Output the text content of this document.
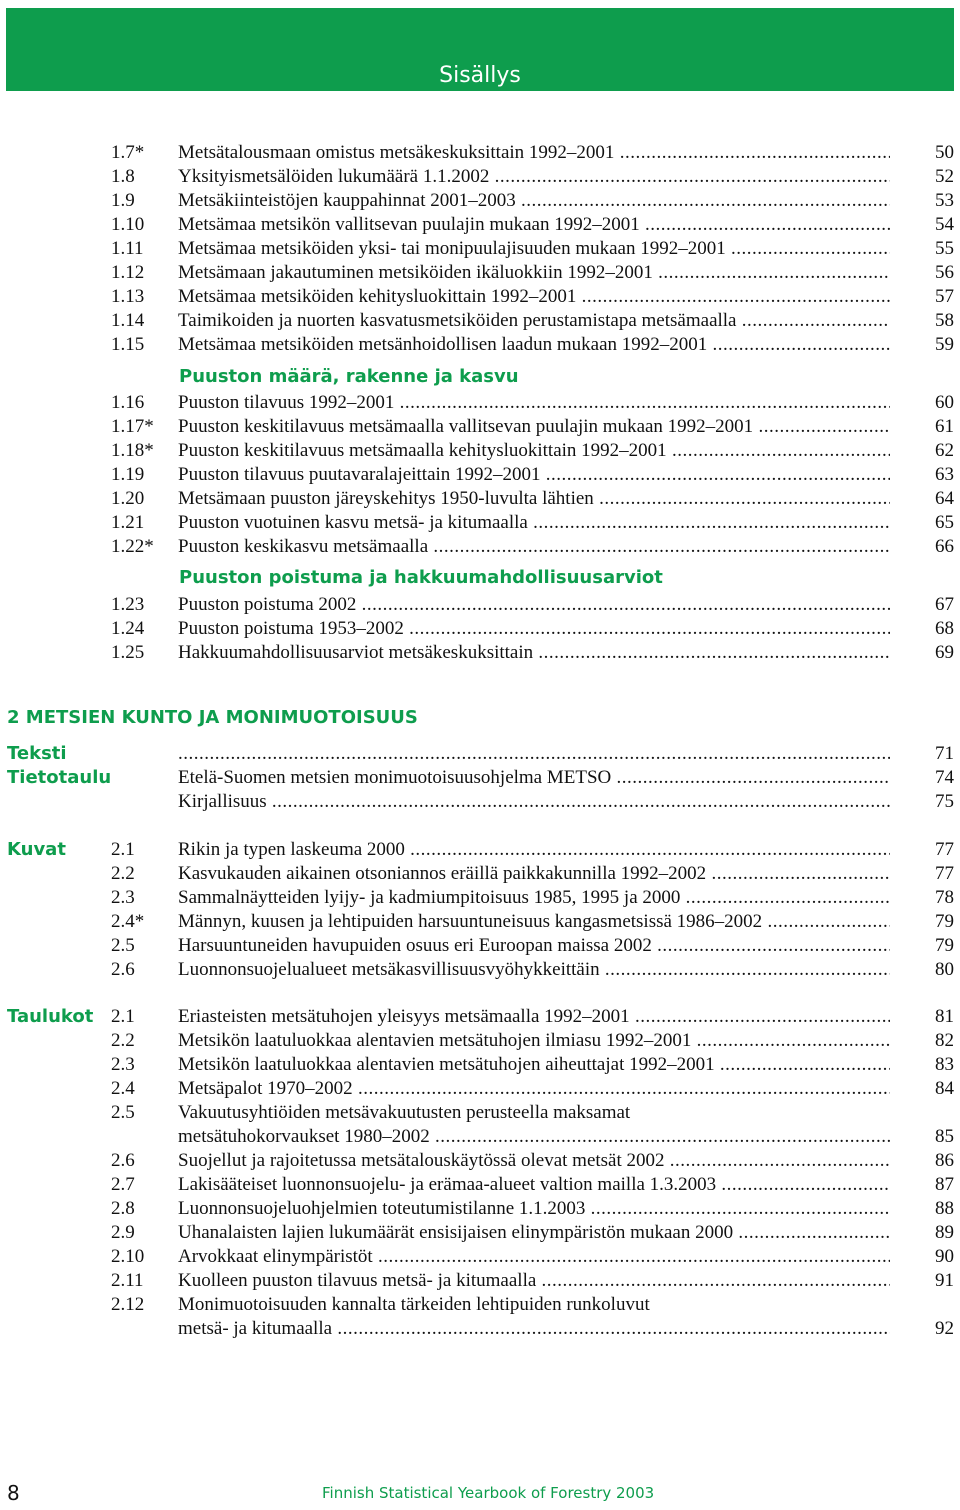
Sisällys
1.7* Metsätalousmaan omistus metsäkeskuksittain 1992–2001 .....	50
1.8 Yksityismetsälöiden lukumäärä 1.1.2002 .....	52
1.9 Metsäkiinteistöjen kauppahinnat 2001–2003 .....	53
1.10 Metsämaa metsikön vallitsevan puulajin mukaan 1992–2001 .....	54
1.11 Metsämaa metsiköiden yksi- tai monipuulajisuuden mukaan 1992–2001 .....	55
1.12 Metsämaan jakautuminen metsiköiden ikäluokkiin 1992–2001 .....	56
1.13 Metsämaa metsiköiden kehitysluokittain 1992–2001 .....	57
1.14 Taimikoiden ja nuorten kasvatusmetsiköiden perustamistapa metsämaalla .....	58
1.15 Metsämaa metsiköiden metsänhoidollisen laadun mukaan 1992–2001 .....	59
Puuston määrä, rakenne ja kasvu
1.16 Puuston tilavuus 1992–2001 .....	60
1.17* Puuston keskitilavuus metsämaalla vallitsevan puulajin mukaan 1992–2001 .....	61
1.18* Puuston keskitilavuus metsämaalla kehitysluokittain 1992–2001 .....	62
1.19 Puuston tilavuus puutavaralajeittain 1992–2001 .....	63
1.20 Metsämaan puuston järeyskehitys 1950-luvulta lähtien .....	64
1.21 Puuston vuotuinen kasvu metsä- ja kitumaalla .....	65
1.22* Puuston keskikasvu metsämaalla .....	66
Puuston poistuma ja hakkuumahdollisuusarviot
1.23 Puuston poistuma 2002 .....	67
1.24 Puuston poistuma 1953–2002 .....	68
1.25 Hakkuumahdollisuusarviot metsäkeskuksittain .....	69
2 METSIEN KUNTO JA MONIMUOTOISUUS
Teksti .....	71
Tietotaulu	Etelä-Suomen metsien monimuotoisuusohjelma METSO .....	74
Kirjallisuus .....	75
Kuvat 2.1 Rikin ja typen laskeuma 2000 .....	77
2.2 Kasvukauden aikainen otsoniannos eräillä paikkakunnilla 1992–2002 .....	77
2.3 Sammalnäytteiden lyijy- ja kadmiumpitoisuus 1985, 1995 ja 2000 .....	78
2.4* Männyn, kuusen ja lehtipuiden harsuuntuneisuus kangasmetsissä 1986–2002 .....	79
2.5 Harsuuntuneiden havupuiden osuus eri Euroopan maissa 2002 .....	79
2.6 Luonnonsuojelualueet metsäkasvillisuusvyöhykkeittäin .....	80
Taulukot 2.1 Eriasteisten metsätuhojen yleisyys metsämaalla 1992–2001 .....	81
2.2 Metsikön laatuluokkaa alentavien metsätuhojen ilmiasu 1992–2001 .....	82
2.3 Metsikön laatuluokkaa alentavien metsätuhojen aiheuttajat 1992–2001 .....	83
2.4 Metsäpalot 1970–2002 .....	84
2.5 Vakuutusyhtiöiden metsävakuutusten perusteella maksamat
metsätuhokorvaukset 1980–2002 .....	85
2.6 Suojellut ja rajoitetussa metsätalouskäytössä olevat metsät 2002 .....	86
2.7 Lakisääteiset luonnonsuojelu- ja erämaa-alueet valtion mailla 1.3.2003 .....	87
2.8 Luonnonsuojeluohjelmien toteutumistilanne 1.1.2003 .....	88
2.9 Uhanalaisten lajien lukumäärät ensisijaisen elinympäristön mukaan 2000 .....	89
2.10 Arvokkaat elinympäristöt .....	90
2.11 Kuolleen puuston tilavuus metsä- ja kitumaalla .....	91
2.12 Monimuotoisuuden kannalta tärkeiden lehtipuiden runkoluvut
metsä- ja kitumaalla .....	92
8	Finnish Statistical Yearbook of Forestry 2003
